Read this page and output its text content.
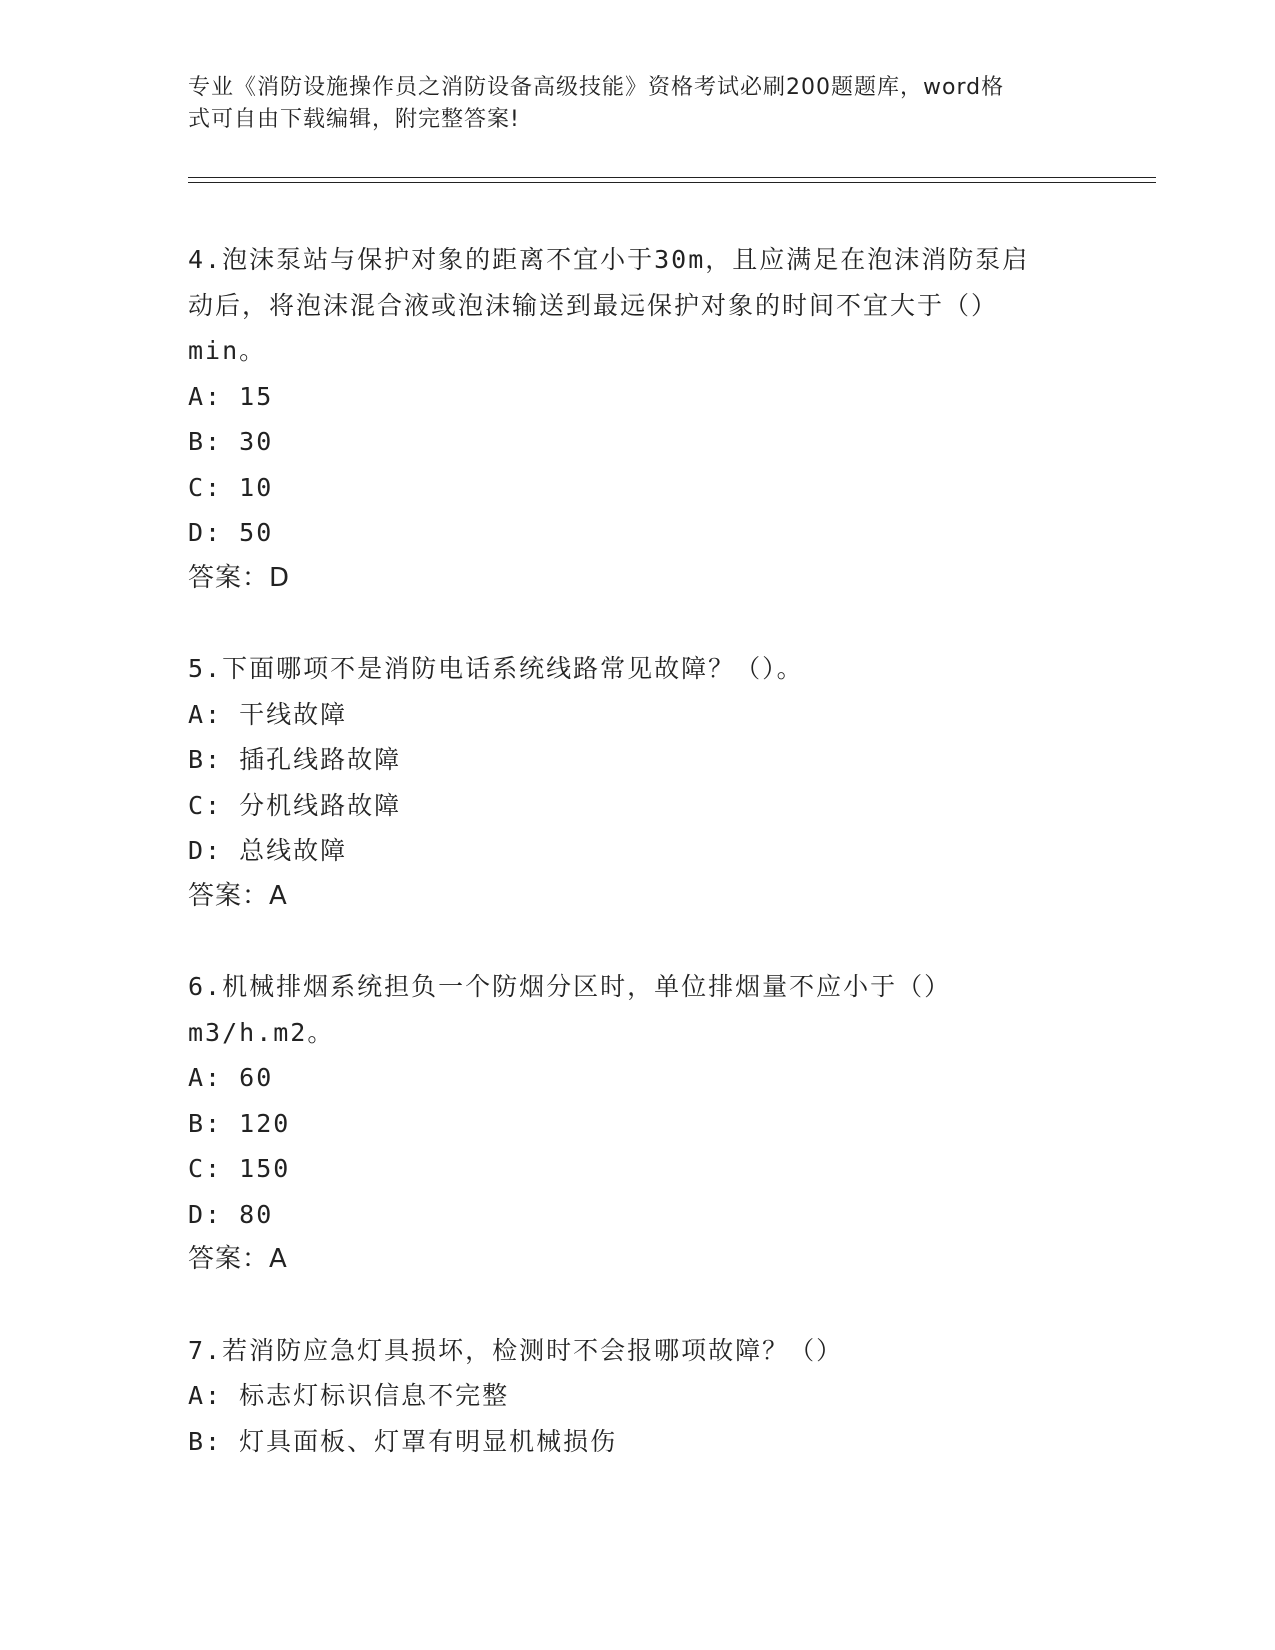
专业《消防设施操作员之消防设备高级技能》资格考试必刷200题题库，word格
式可自由下载编辑，附完整答案!
4.泡沫泵站与保护对象的距离不宜小于30m，且应满足在泡沫消防泵启
动后，将泡沫混合液或泡沫输送到最远保护对象的时间不宜大于（）
min。
A: 15
B: 30
C: 10
D: 50
答案：D
5.下面哪项不是消防电话系统线路常见故障？（）。
A: 干线故障
B: 插孔线路故障
C: 分机线路故障
D: 总线故障
答案：A
6.机械排烟系统担负一个防烟分区时，单位排烟量不应小于（）
m3/h.m2。
A: 60
B: 120
C: 150
D: 80
答案：A
7.若消防应急灯具损坏，检测时不会报哪项故障？（）
A: 标志灯标识信息不完整
B: 灯具面板、灯罩有明显机械损伤
